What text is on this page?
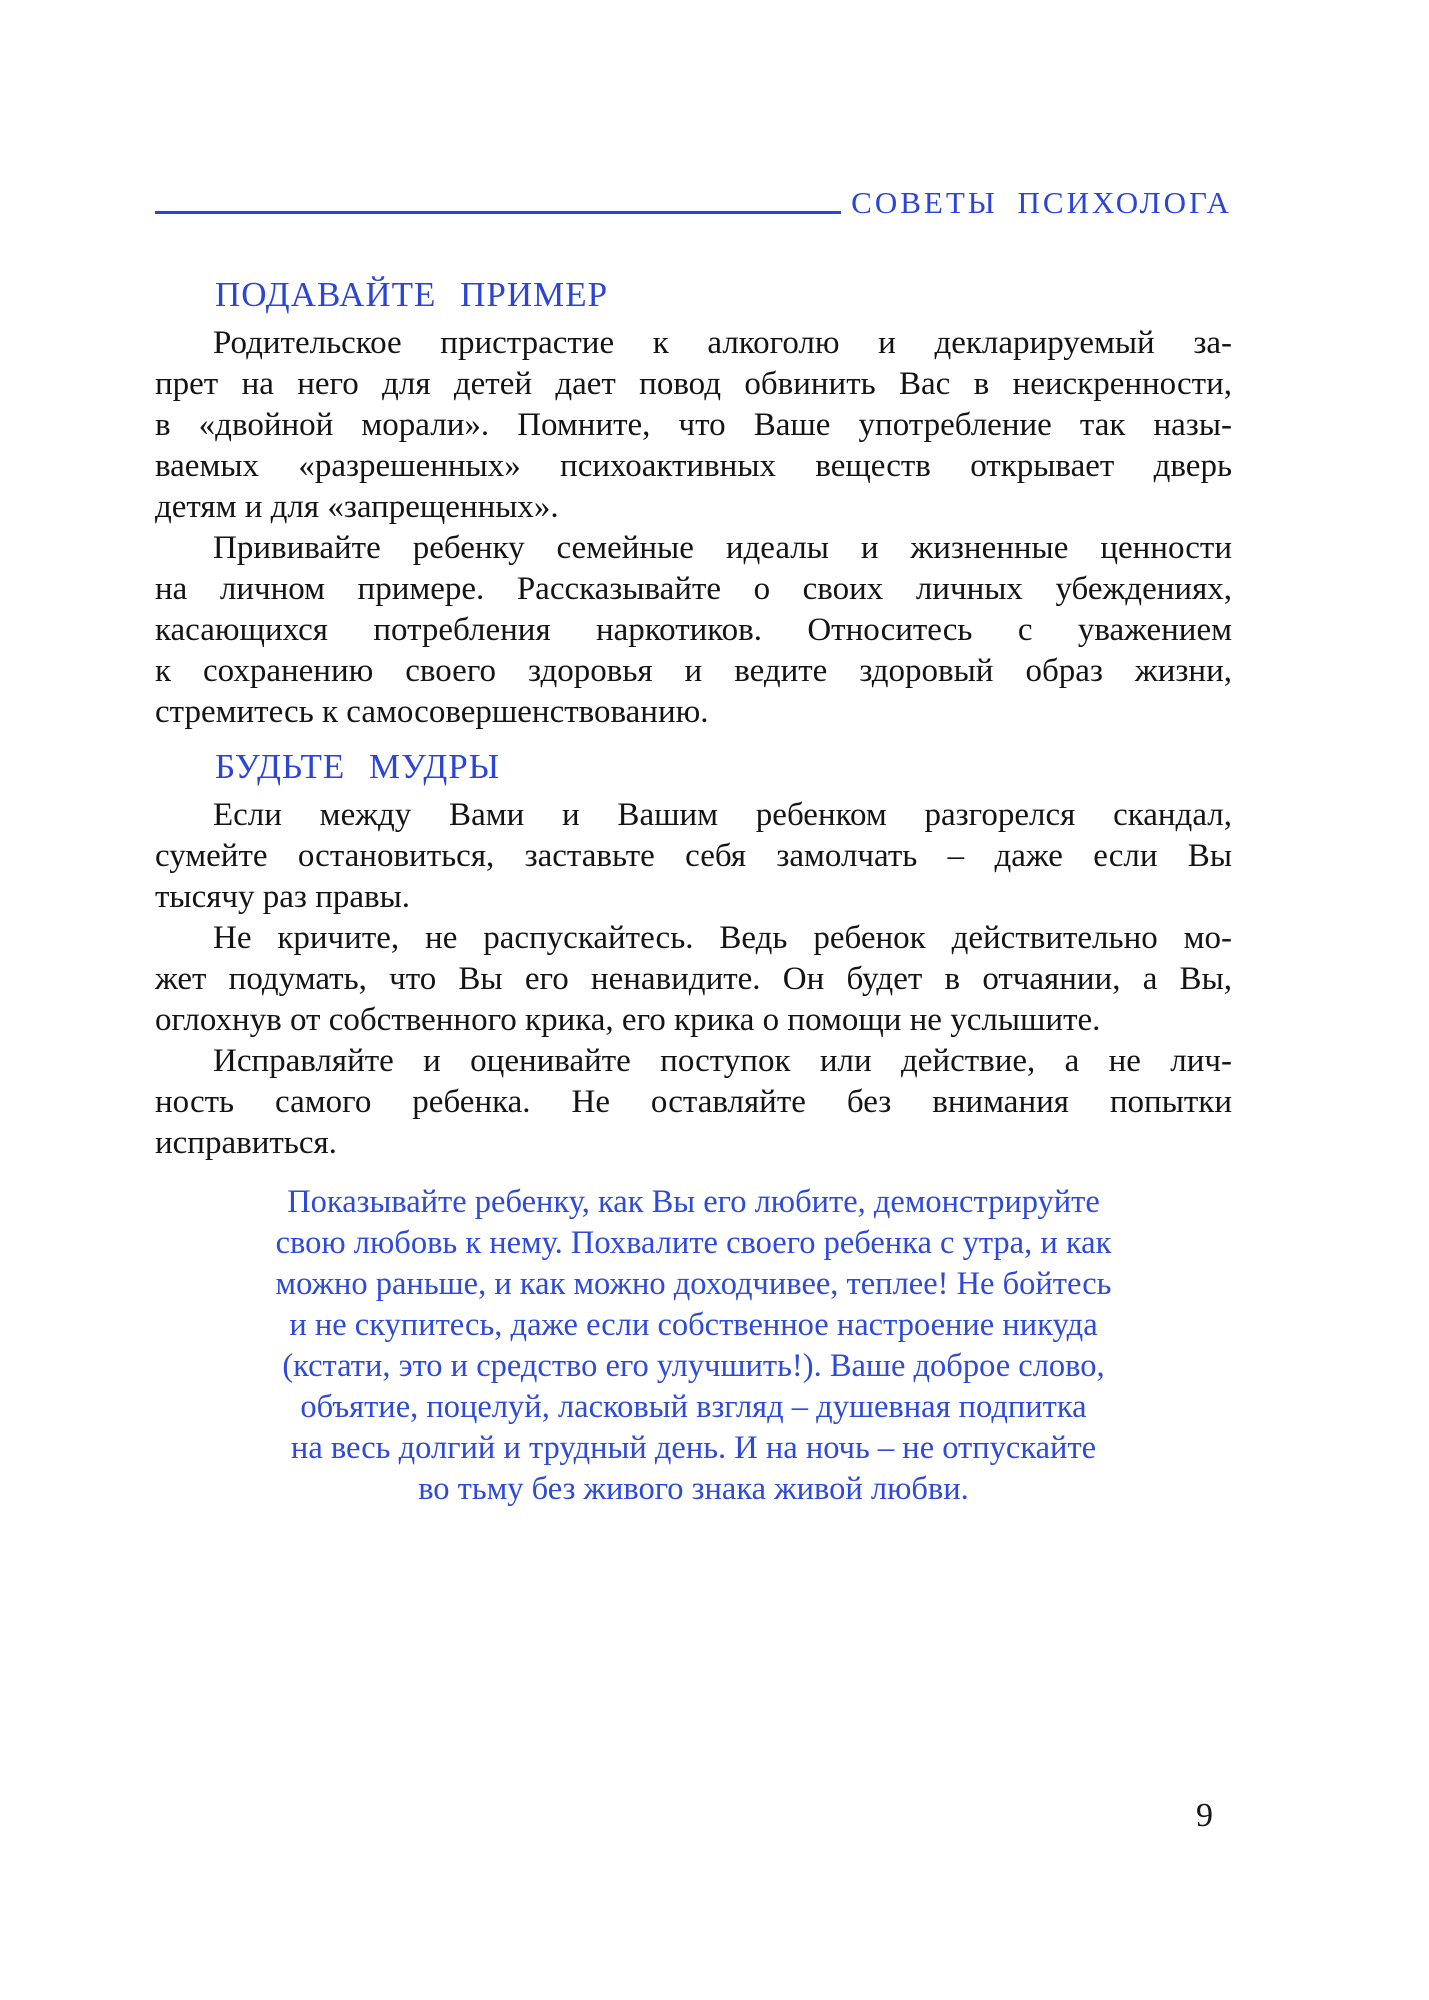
СОВЕТЫ ПСИХОЛОГА
ПОДАВАЙТЕ ПРИМЕР
Родительское пристрастие к алкоголю и декларируемый за-
прет на него для детей дает повод обвинить Вас в неискренности,
в «двойной морали». Помните, что Ваше употребление так назы-
ваемых «разрешенных» психоактивных веществ открывает дверь
детям и для «запрещенных».
Прививайте ребенку семейные идеалы и жизненные ценности
на личном примере. Рассказывайте о своих личных убеждениях,
касающихся потребления наркотиков. Относитесь с уважением
к сохранению своего здоровья и ведите здоровый образ жизни,
стремитесь к самосовершенствованию.
БУДЬТЕ МУДРЫ
Если между Вами и Вашим ребенком разгорелся скандал,
сумейте остановиться, заставьте себя замолчать – даже если Вы
тысячу раз правы.
Не кричите, не распускайтесь. Ведь ребенок действительно мо-
жет подумать, что Вы его ненавидите. Он будет в отчаянии, а Вы,
оглохнув от собственного крика, его крика о помощи не услышите.
Исправляйте и оценивайте поступок или действие, а не лич-
ность самого ребенка. Не оставляйте без внимания попытки
исправиться.
Показывайте ребенку, как Вы его любите, демонстрируйте
свою любовь к нему. Похвалите своего ребенка с утра, и как
можно раньше, и как можно доходчивее, теплее! Не бойтесь
и не скупитесь, даже если собственное настроение никуда
(кстати, это и средство его улучшить!). Ваше доброе слово,
объятие, поцелуй, ласковый взгляд – душевная подпитка
на весь долгий и трудный день. И на ночь – не отпускайте
во тьму без живого знака живой любви.
9
